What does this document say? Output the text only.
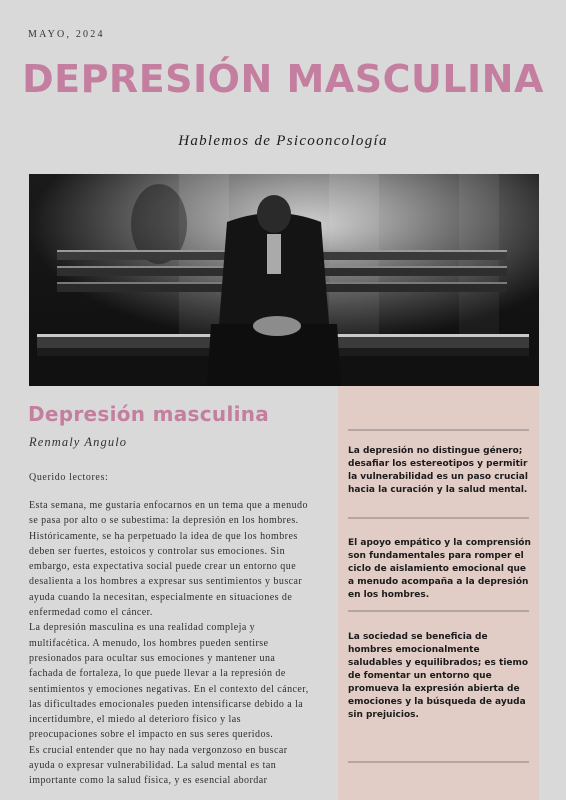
MAYO, 2024
DEPRESIÓN MASCULINA
Hablemos de Psicooncología

La depresión no distingue género; desafiar los estereotipos y permitir la vulnerabilidad es un paso crucial hacia la curación y la salud mental.

El apoyo empático y la comprensión son fundamentales para romper el ciclo de aislamiento emocional que a menudo acompaña a la depresión en los hombres.

La sociedad se beneficia de hombres emocionalmente saludables y equilibrados; es tiemo de fomentar un entorno que promueva la expresión abierta de emociones y la búsqueda de ayuda sin prejuicios.

Depresión masculina
Renmaly Angulo
Querido lectores:

Esta semana, me gustaría enfocarnos en un tema que a menudo se pasa por alto o se subestima: la depresión en los hombres. Históricamente, se ha perpetuado la idea de que los hombres deben ser fuertes, estoicos y controlar sus emociones. Sin embargo, esta expectativa social puede crear un entorno que desalienta a los hombres a expresar sus sentimientos y buscar ayuda cuando la necesitan, especialmente en situaciones de enfermedad como el cáncer.

La depresión masculina es una realidad compleja y multifacética. A menudo, los hombres pueden sentirse presionados para ocultar sus emociones y mantener una fachada de fortaleza, lo que puede llevar a la represión de sentimientos y emociones negativas. En el contexto del cáncer, las dificultades emocionales pueden intensificarse debido a la incertidumbre, el miedo al deterioro físico y las preocupaciones sobre el impacto en sus seres queridos.

Es crucial entender que no hay nada vergonzoso en buscar ayuda o expresar vulnerabilidad. La salud mental es tan importante como la salud física, y es esencial abordar
